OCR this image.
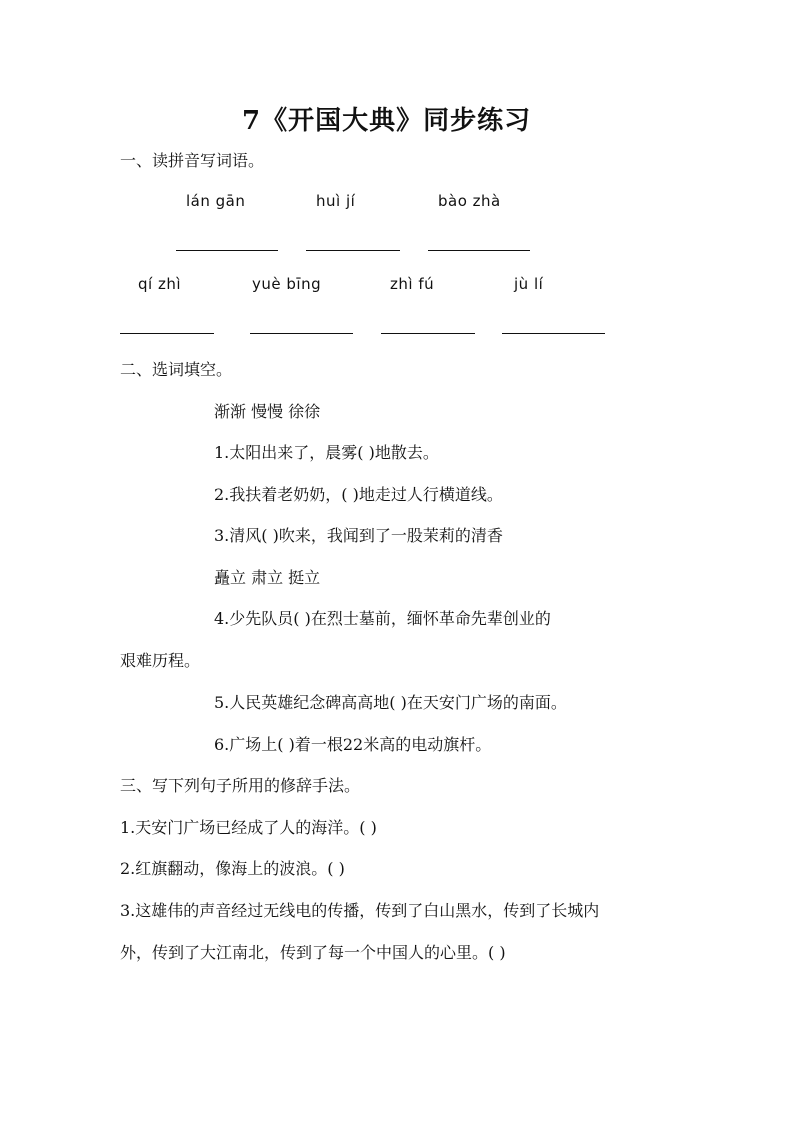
7《开国大典》同步练习
一、读拼音写词语。
lán gān	huì jí	bào zhà
qí zhì	yuè bīng	zhì fú	jù lí
二、选词填空。
渐渐 慢慢 徐徐
1.太阳出来了，晨雾( )地散去。
2.我扶着老奶奶，( )地走过人行横道线。
3.清风( )吹来，我闻到了一股茉莉的清香
矗立 肃立 挺立
4.少先队员( )在烈士墓前，缅怀革命先辈创业的
艰难历程。
5.人民英雄纪念碑高高地( )在天安门广场的南面。
6.广场上( )着一根22米高的电动旗杆。
三、写下列句子所用的修辞手法。
1.天安门广场已经成了人的海洋。( )
2.红旗翻动，像海上的波浪。( )
3.这雄伟的声音经过无线电的传播，传到了白山黑水，传到了长城内
外，传到了大江南北，传到了每一个中国人的心里。( )
